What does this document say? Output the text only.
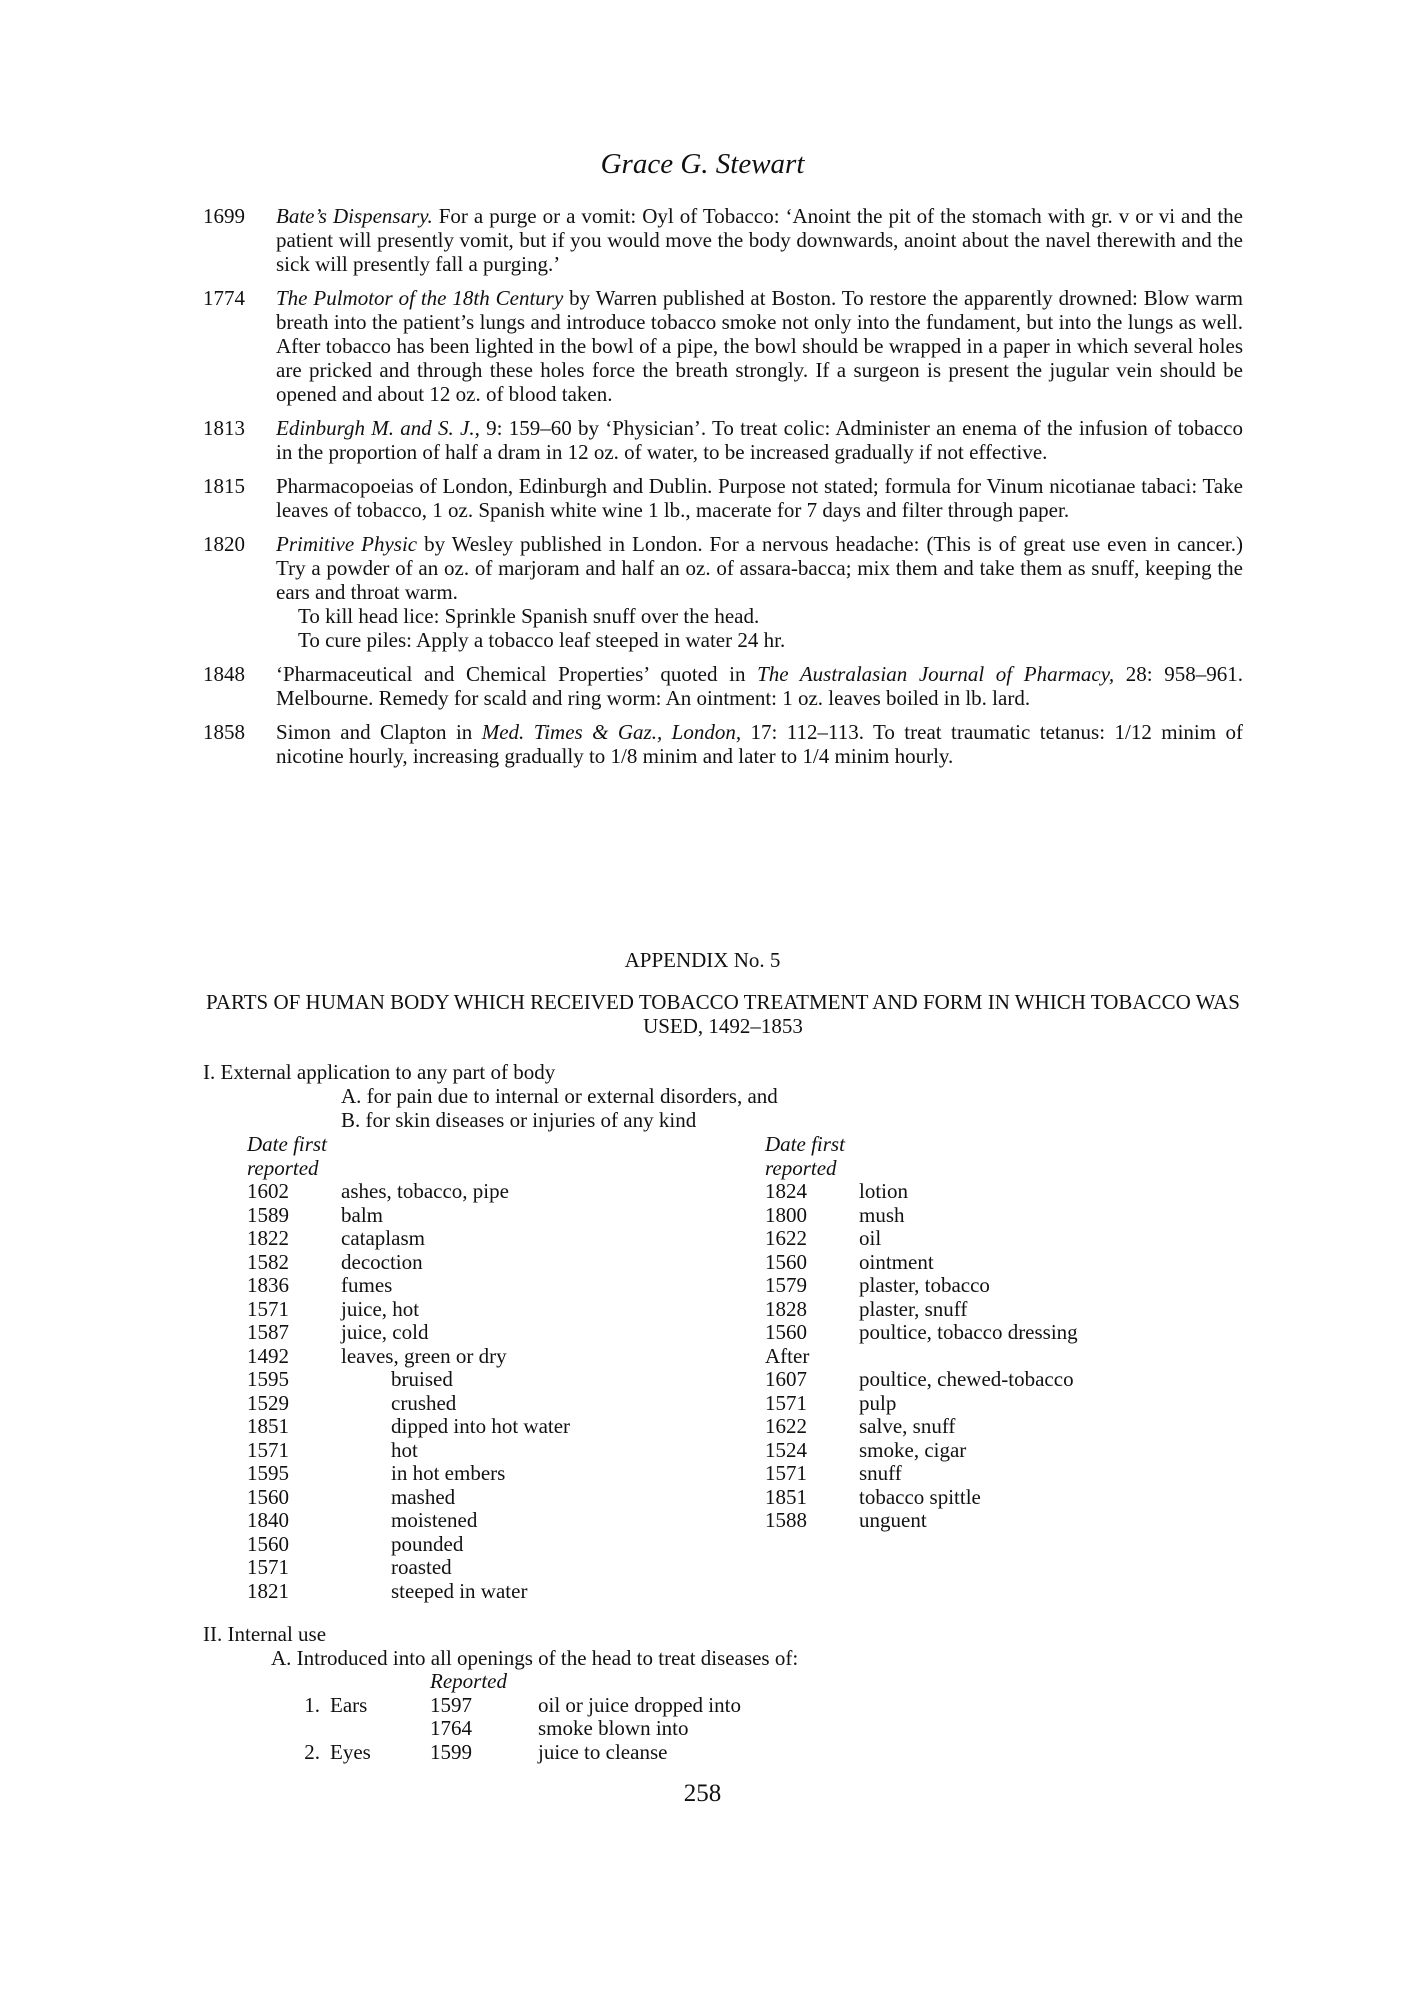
Grace G. Stewart
1699 Bate’s Dispensary. For a purge or a vomit: Oyl of Tobacco: ‘Anoint the pit of the stomach with gr. v or vi and the patient will presently vomit, but if you would move the body downwards, anoint about the navel therewith and the sick will presently fall a purging.’
1774 The Pulmotor of the 18th Century by Warren published at Boston. To restore the apparently drowned: Blow warm breath into the patient’s lungs and introduce tobacco smoke not only into the fundament, but into the lungs as well. After tobacco has been lighted in the bowl of a pipe, the bowl should be wrapped in a paper in which several holes are pricked and through these holes force the breath strongly. If a surgeon is present the jugular vein should be opened and about 12 oz. of blood taken.
1813 Edinburgh M. and S. J., 9: 159–60 by ‘Physician’. To treat colic: Administer an enema of the infusion of tobacco in the proportion of half a dram in 12 oz. of water, to be increased gradually if not effective.
1815 Pharmacopoeias of London, Edinburgh and Dublin. Purpose not stated; formula for Vinum nicotianae tabaci: Take leaves of tobacco, 1 oz. Spanish white wine 1 lb., macerate for 7 days and filter through paper.
1820 Primitive Physic by Wesley published in London. For a nervous headache: (This is of great use even in cancer.) Try a powder of an oz. of marjoram and half an oz. of assara-bacca; mix them and take them as snuff, keeping the ears and throat warm.
To kill head lice: Sprinkle Spanish snuff over the head.
To cure piles: Apply a tobacco leaf steeped in water 24 hr.
1848 ‘Pharmaceutical and Chemical Properties’ quoted in The Australasian Journal of Pharmacy, 28: 958–961. Melbourne. Remedy for scald and ring worm: An ointment: 1 oz. leaves boiled in lb. lard.
1858 Simon and Clapton in Med. Times & Gaz., London, 17: 112–113. To treat traumatic tetanus: 1/12 minim of nicotine hourly, increasing gradually to 1/8 minim and later to 1/4 minim hourly.
APPENDIX No. 5
PARTS OF HUMAN BODY WHICH RECEIVED TOBACCO TREATMENT AND FORM IN WHICH TOBACCO WAS USED, 1492–1853
I. External application to any part of body
A. for pain due to internal or external disorders, and
B. for skin diseases or injuries of any kind
Date first
reported
1602	ashes, tobacco, pipe
1589	balm
1822	cataplasm
1582	decoction
1836	fumes
1571	juice, hot
1587	juice, cold
1492	leaves, green or dry
1595	bruised
1529	crushed
1851	dipped into hot water
1571	hot
1595	in hot embers
1560	mashed
1840	moistened
1560	pounded
1571	roasted
1821	steeped in water
Date first
reported
1824	lotion
1800	mush
1622	oil
1560	ointment
1579	plaster, tobacco
1828	plaster, snuff
1560	poultice, tobacco dressing
After
1607	poultice, chewed-tobacco
1571	pulp
1622	salve, snuff
1524	smoke, cigar
1571	snuff
1851	tobacco spittle
1588	unguent
II. Internal use
A. Introduced into all openings of the head to treat diseases of:
Reported
1. Ears	1597	oil or juice dropped into
1764	smoke blown into
2. Eyes	1599	juice to cleanse
258
